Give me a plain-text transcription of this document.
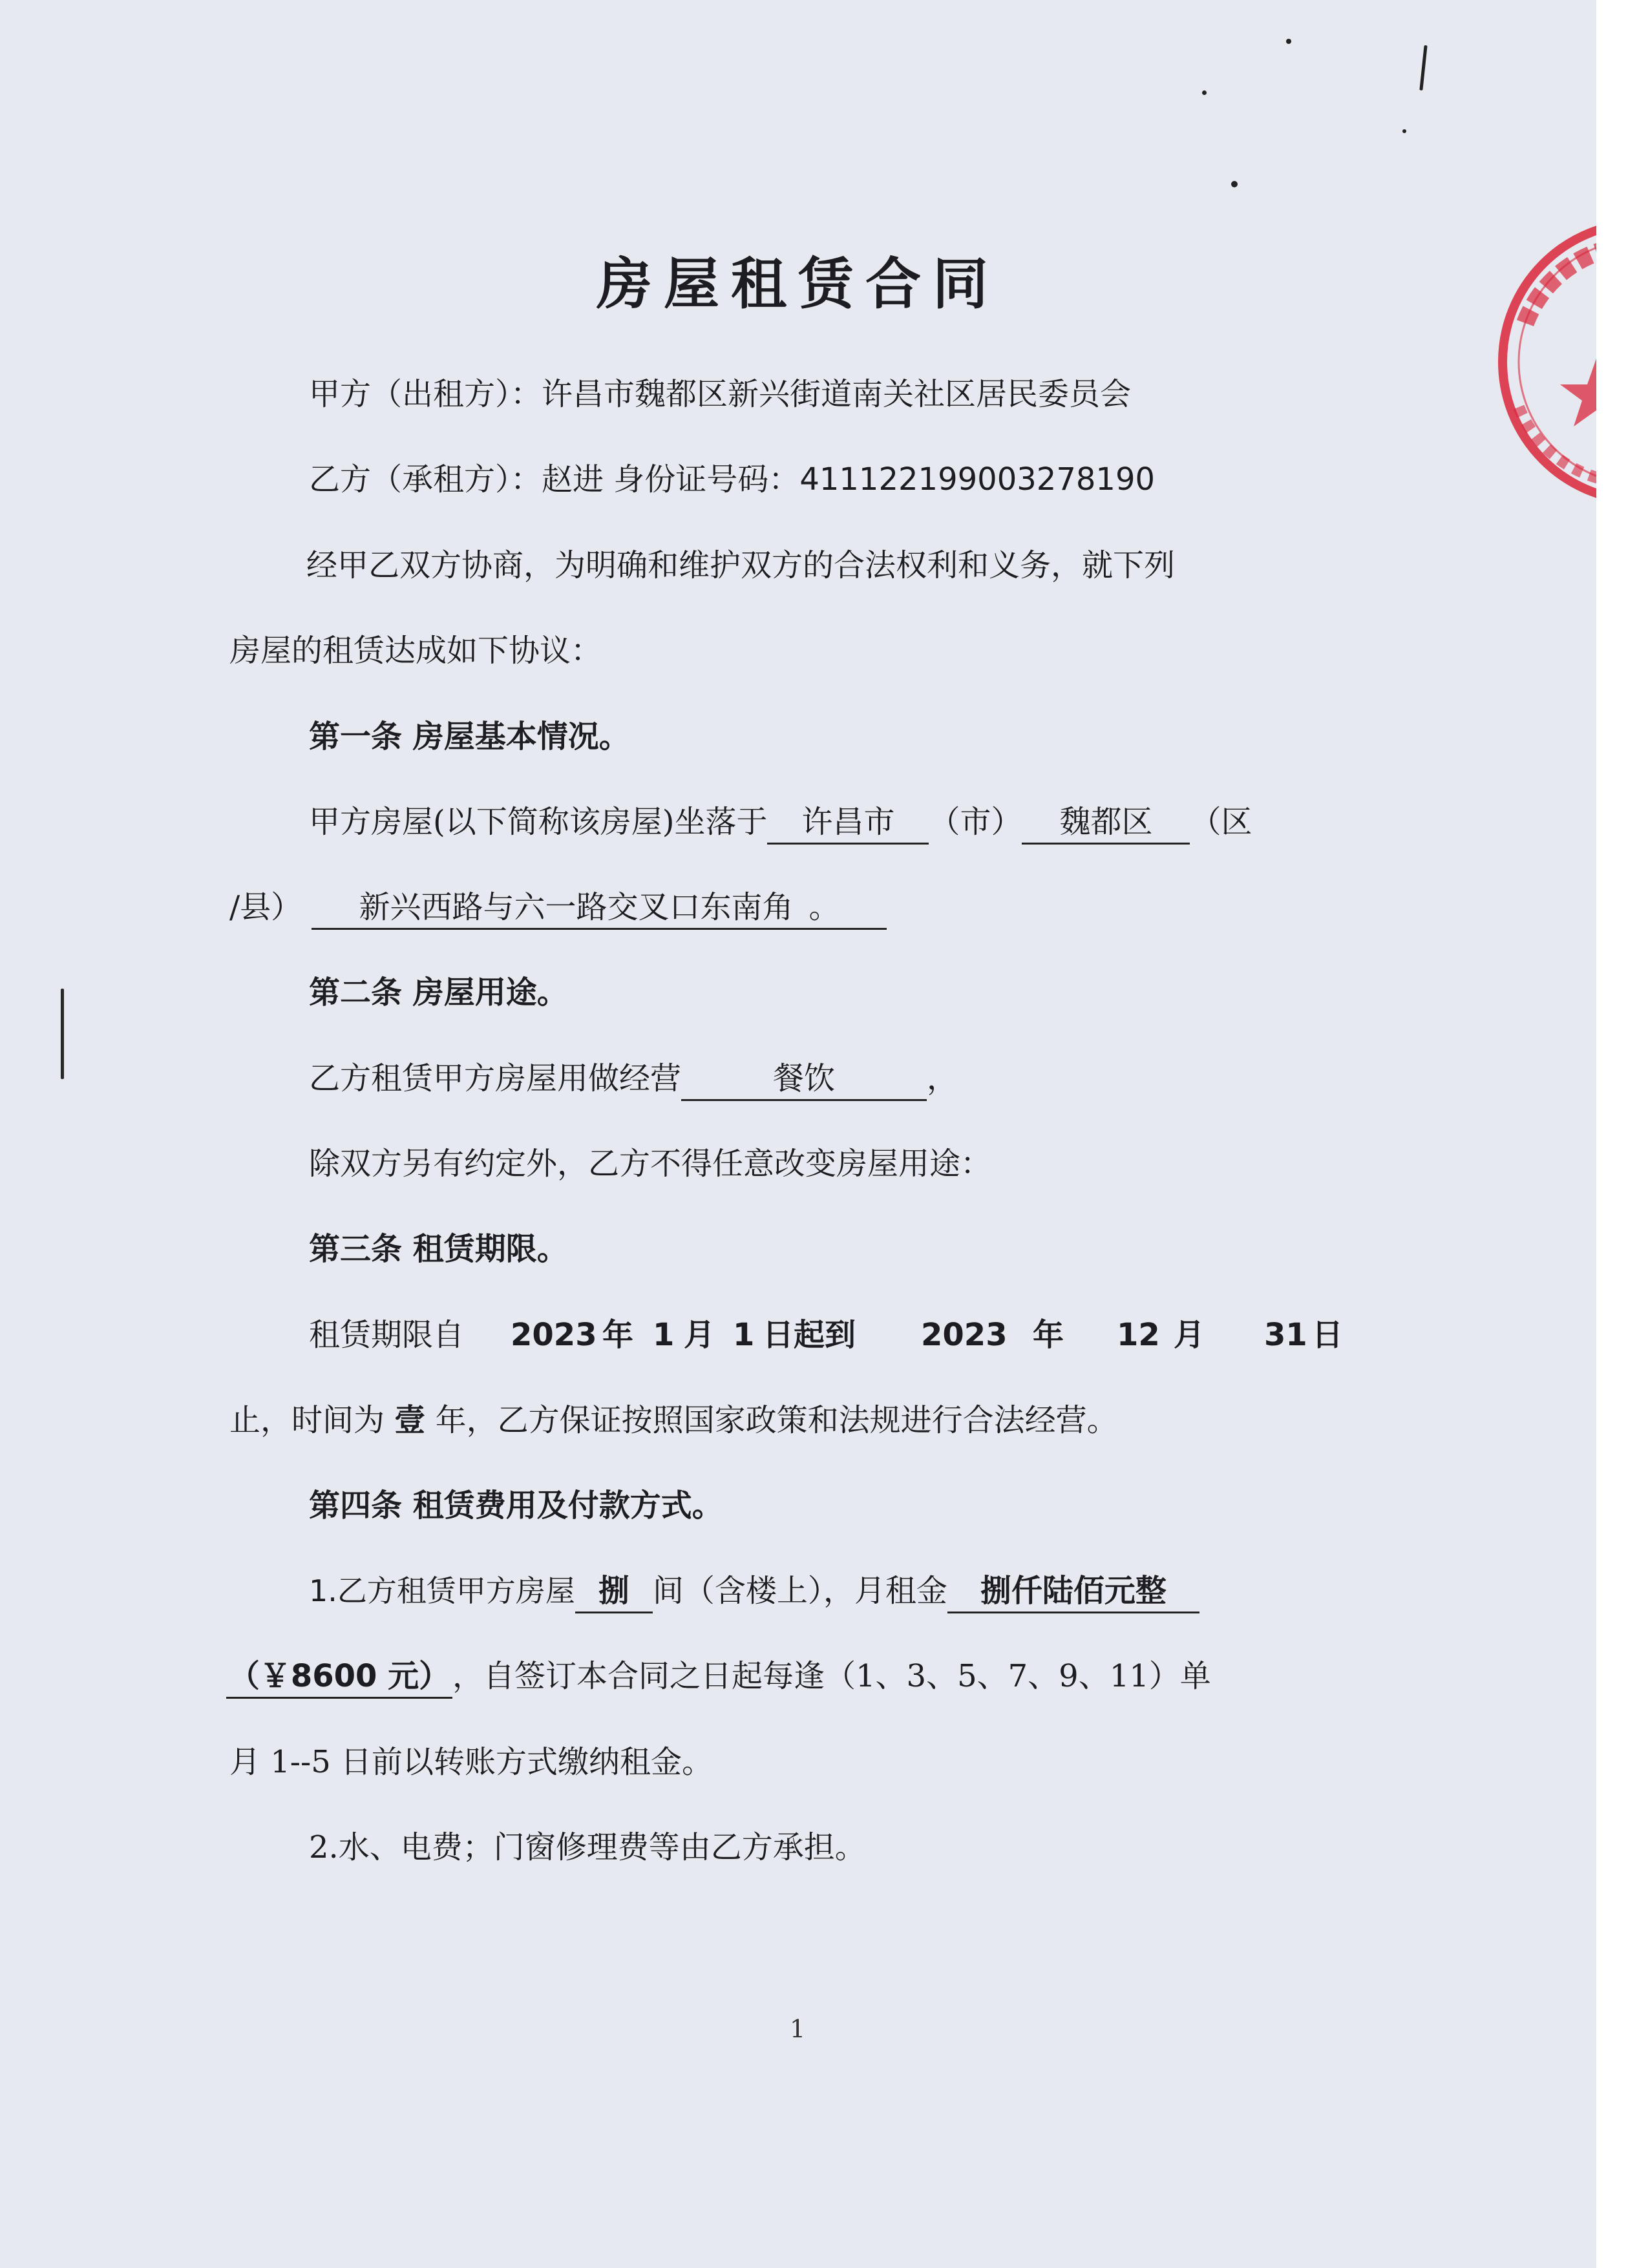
房屋租赁合同
甲方（出租方）：许昌市魏都区新兴街道南关社区居民委员会
乙方（承租方）：赵进 身份证号码：411122199003278190
经甲乙双方协商，为明确和维护双方的合法权利和义务，就下列
房屋的租赁达成如下协议：
第一条 房屋基本情况。
甲方房屋(以下简称该房屋)坐落于 许昌市 （市） 魏都区 （区
/县） 新兴西路与六一路交叉口东南角 。
第二条 房屋用途。
乙方租赁甲方房屋用做经营	餐饮	，
除双方另有约定外，乙方不得任意改变房屋用途：
第三条 租赁期限。
租赁期限自 2023 年 1 月 1 日起到 2023 年 12 月 31 日
止，时间为 壹 年，乙方保证按照国家政策和法规进行合法经营。
第四条 租赁费用及付款方式。
1.乙方租赁甲方房屋 捌 间（含楼上），月租金 捌仟陆佰元整
（￥8600 元），自签订本合同之日起每逢（1、3、5、7、9、11）单
月 1--5 日前以转账方式缴纳租金。
2.水、电费；门窗修理费等由乙方承担。
1
